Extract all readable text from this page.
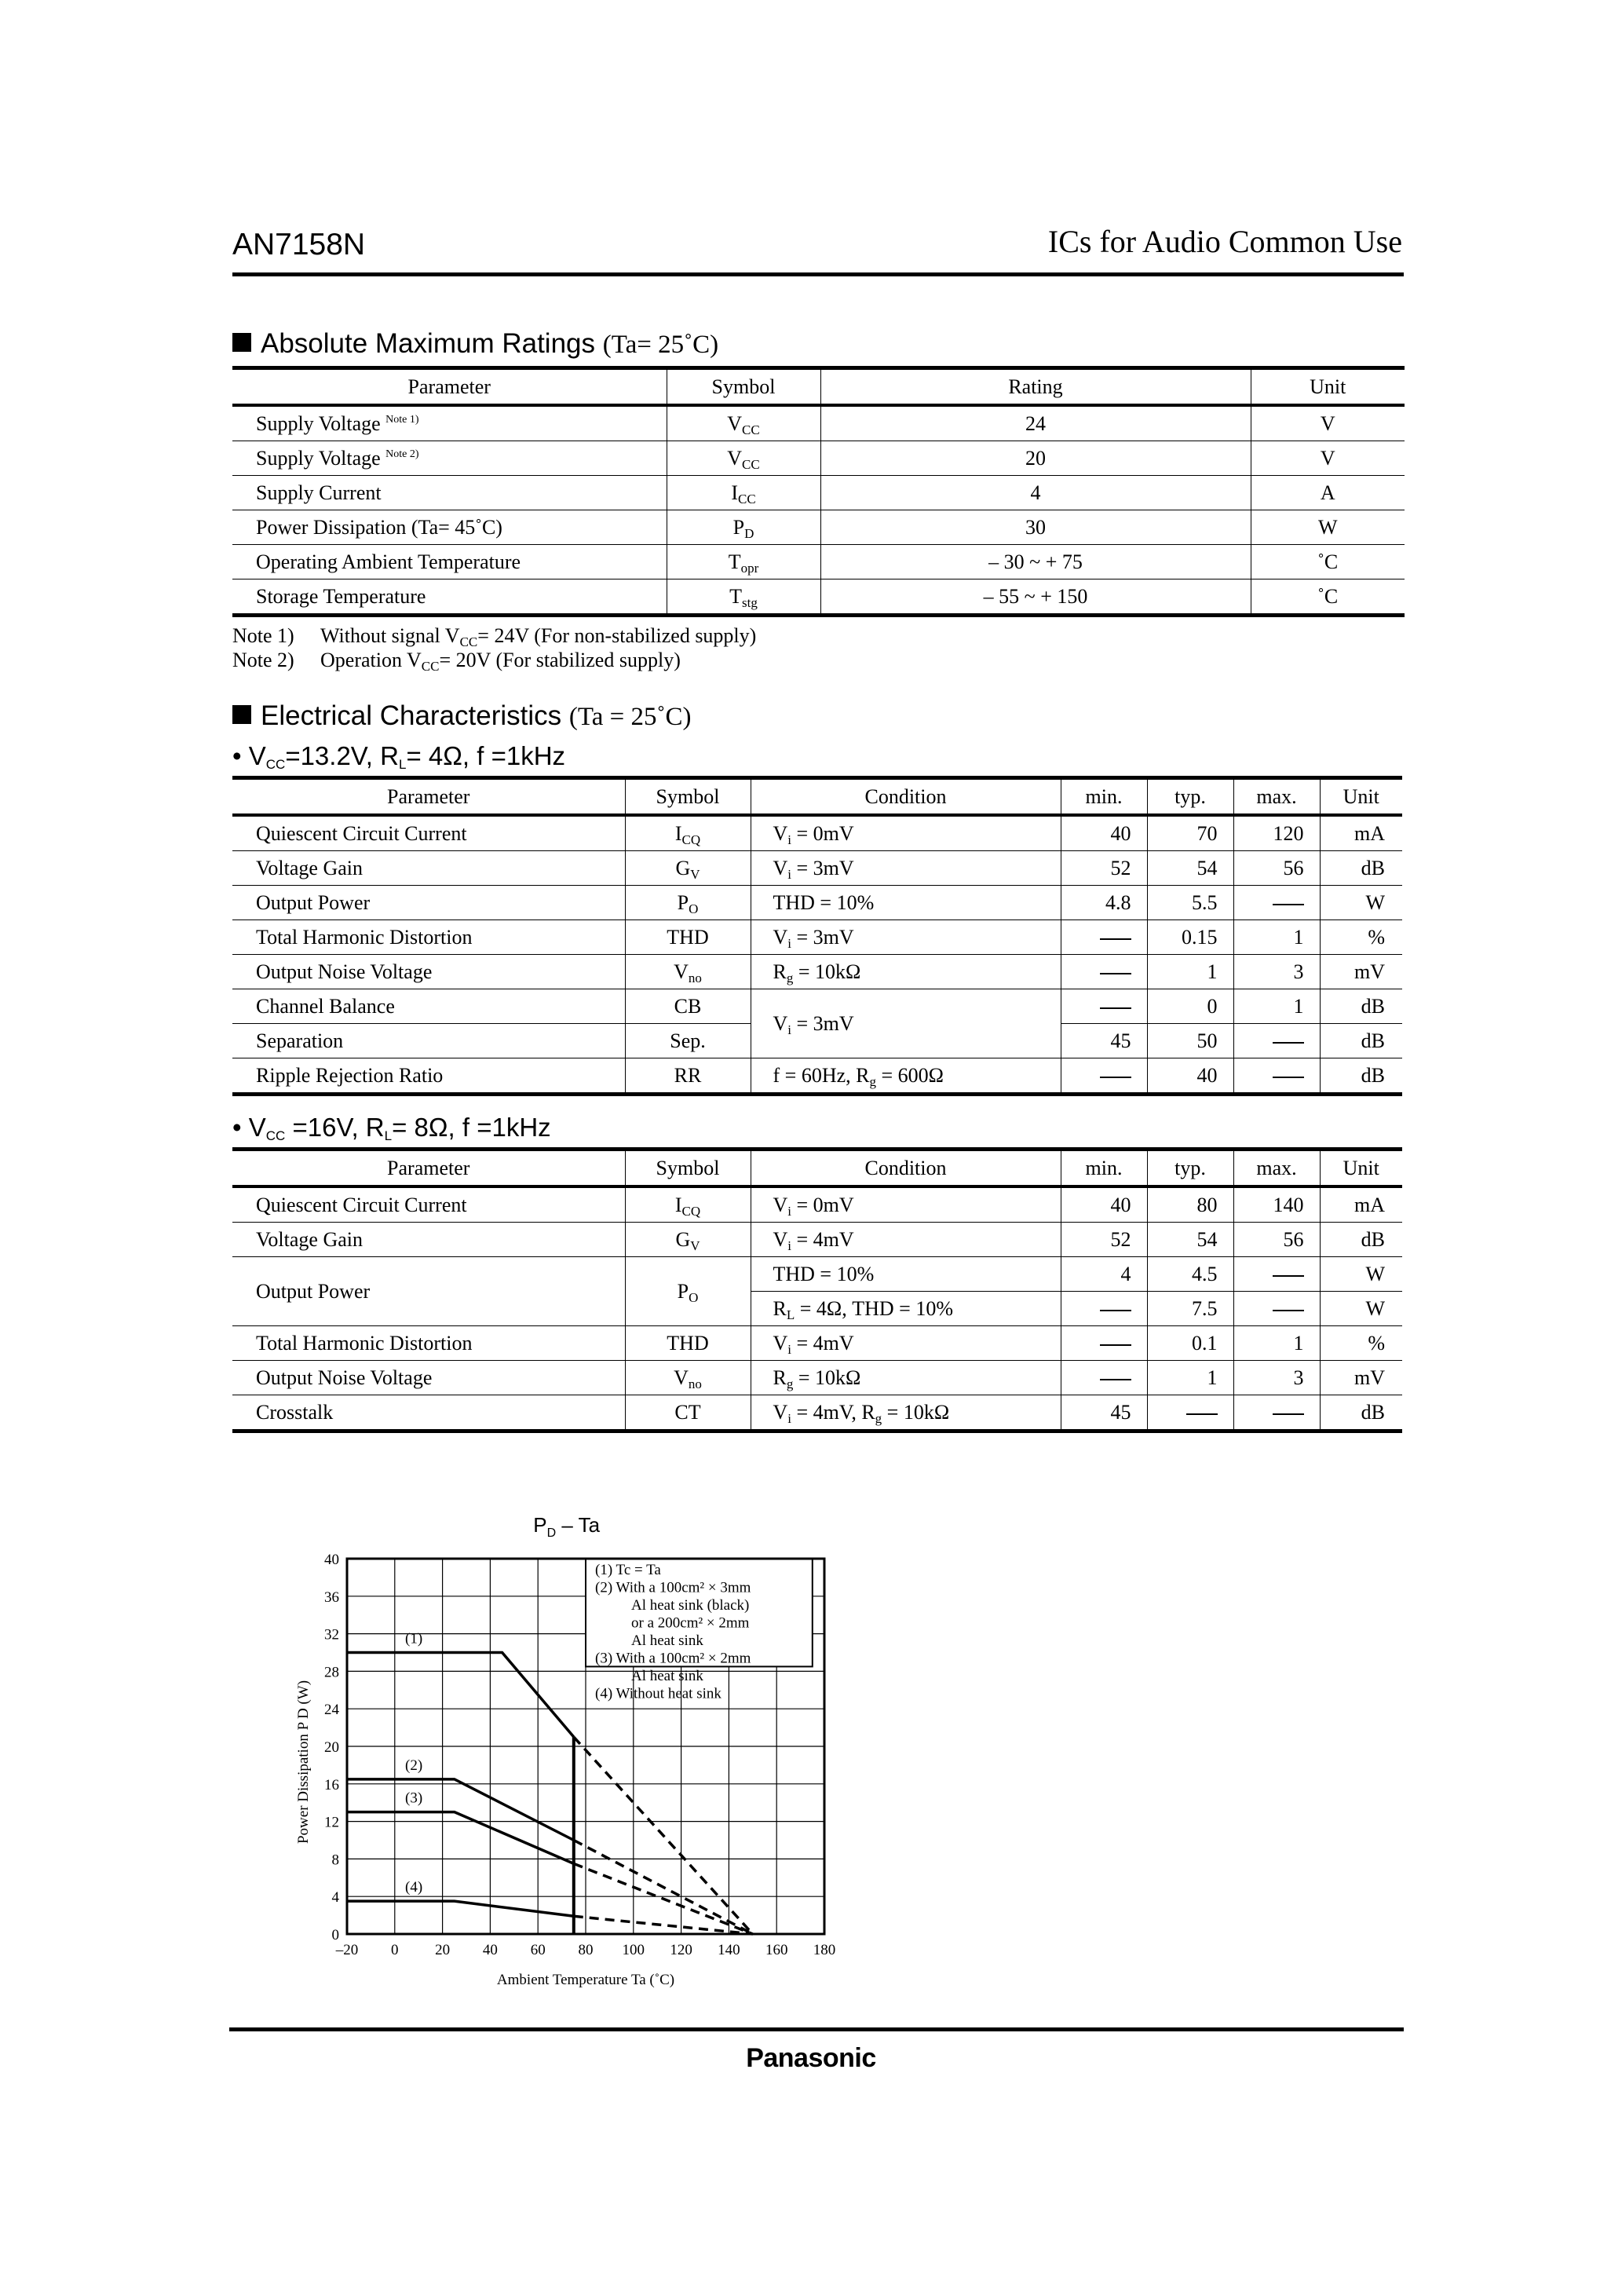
AN7158N	ICs for Audio Common Use
Absolute Maximum Ratings (Ta= 25˚C)
Parameter	Symbol	Rating	Unit
Supply Voltage $^{Note 1)}$	$V_{CC}$	24	V
Supply Voltage $^{Note 2)}$	$V_{CC}$	20	V
Supply Current	$I_{CC}$	4	A
Power Dissipation (Ta= 45˚C)	$P_D$	30	W
Operating Ambient Temperature	$T_{opr}$	– 30 ~ + 75	˚C
Storage Temperature	$T_{stg}$	– 55 ~ + 150	˚C
Note 1) Without signal $V_{CC}= 24V$ (For non-stabilized supply)
Note 2) Operation $V_{CC}= 20V$ (For stabilized supply)
Electrical Characteristics (Ta = 25˚C)
• $V_{CC}=13.2V$, $R_L= 4\Omega$, f =1kHz
Parameter	Symbol	Condition	min.	typ.	max.	Unit
Quiescent Circuit Current	$I_{CQ}$	$V_i = 0mV$	40	70	120	mA
Voltage Gain	$G_V$	$V_i = 3mV$	52	54	56	dB
Output Power	$P_O$	THD = 10%	4.8	5.5		W
Total Harmonic Distortion	THD	$V_i = 3mV$		0.15	1	%
Output Noise Voltage	$V_{no}$	$R_g = 10k\Omega$		1	3	mV
Channel Balance	CB	$V_i = 3mV$		0	1	dB
Separation	Sep.		45	50		dB
Ripple Rejection Ratio	RR	f = 60Hz, $R_g = 600\Omega$		40		dB
• $V_{CC} =16V$, $R_L= 8\Omega$, f =1kHz
Parameter	Symbol	Condition	min.	typ.	max.	Unit
Quiescent Circuit Current	$I_{CQ}$	$V_i = 0mV$	40	80	140	mA
Voltage Gain	$G_V$	$V_i = 4mV$	52	54	56	dB
Output Power	$P_O$	THD = 10%	4	4.5		W
		$R_L = 4\Omega$, THD = 10%		7.5		W
Total Harmonic Distortion	THD	$V_i = 4mV$		0.1	1	%
Output Noise Voltage	$V_{no}$	$R_g = 10k\Omega$		1	3	mV
Crosstalk	CT	$V_i = 4mV$, $R_g = 10k\Omega$	45			dB
$P_D$ – Ta
(1) Tc = Ta
(2) With a 100cm² × 3mm
Al heat sink (black)
or a 200cm² × 2mm
Al heat sink
(3) With a 100cm² × 2mm
Al heat sink
(4) Without heat sink
(1)
(2)
(3)
(4)
–20 0 20 40 60 80 100 120 140 160 180
0
4
8
12
16
20
24
28
32
36
40
Ambient Temperature Ta (˚C)
Power Dissipation P D (W)
Panasonic
